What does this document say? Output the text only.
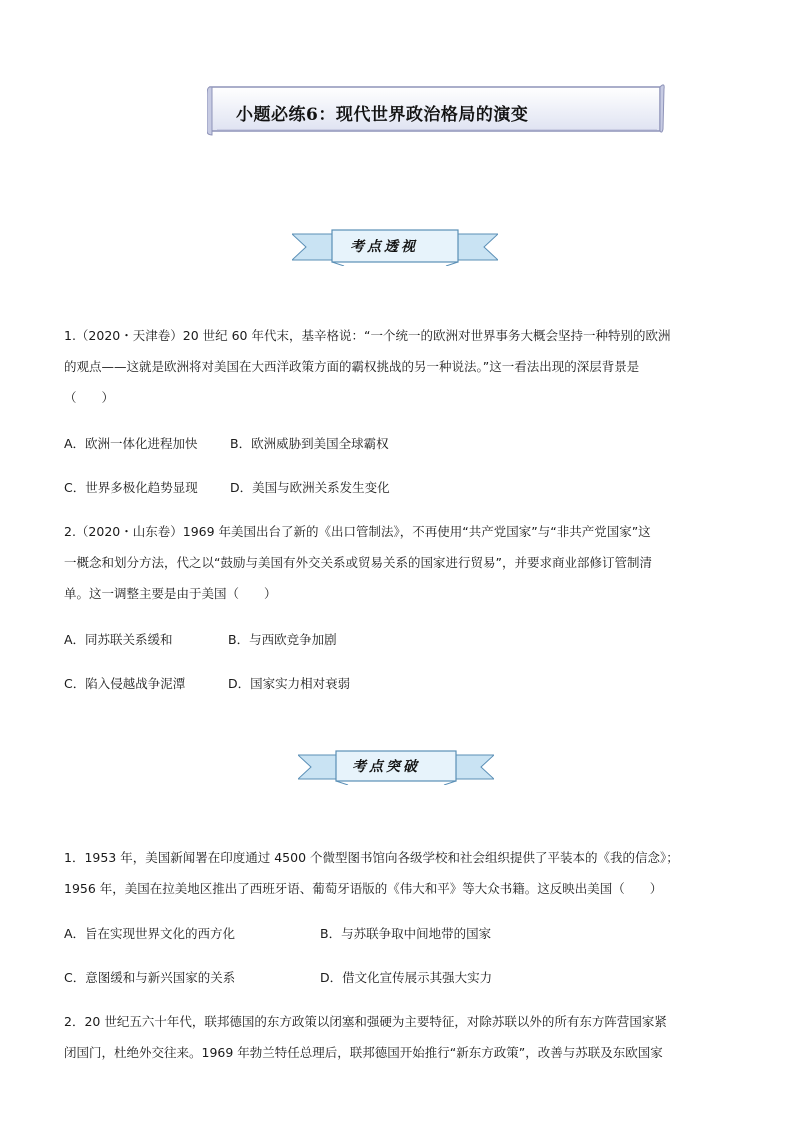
小题必练6：现代世界政治格局的演变
考点透视
1.（2020・天津卷）20 世纪 60 年代末，基辛格说：“一个统一的欧洲对世界事务大概会坚持一种特别的欧洲
的观点——这就是欧洲将对美国在大西洋政策方面的霸权挑战的另一种说法。”这一看法出现的深层背景是
（　　）
A．欧洲一体化进程加快	B．欧洲威胁到美国全球霸权
C．世界多极化趋势显现	D．美国与欧洲关系发生变化
2.（2020・山东卷）1969 年美国出台了新的《出口管制法》，不再使用“共产党国家”与“非共产党国家”这
一概念和划分方法，代之以“鼓励与美国有外交关系或贸易关系的国家进行贸易”，并要求商业部修订管制清
单。这一调整主要是由于美国（　　）
A．同苏联关系缓和	B．与西欧竞争加剧
C．陷入侵越战争泥潭	D．国家实力相对衰弱
考点突破
1．1953 年，美国新闻署在印度通过 4500 个微型图书馆向各级学校和社会组织提供了平装本的《我的信念》；
1956 年，美国在拉美地区推出了西班牙语、葡萄牙语版的《伟大和平》等大众书籍。这反映出美国（　　）
A．旨在实现世界文化的西方化	B．与苏联争取中间地带的国家
C．意图缓和与新兴国家的关系	D．借文化宣传展示其强大实力
2．20 世纪五六十年代，联邦德国的东方政策以闭塞和强硬为主要特征，对除苏联以外的所有东方阵营国家紧
闭国门，杜绝外交往来。1969 年勃兰特任总理后，联邦德国开始推行“新东方政策”，改善与苏联及东欧国家
